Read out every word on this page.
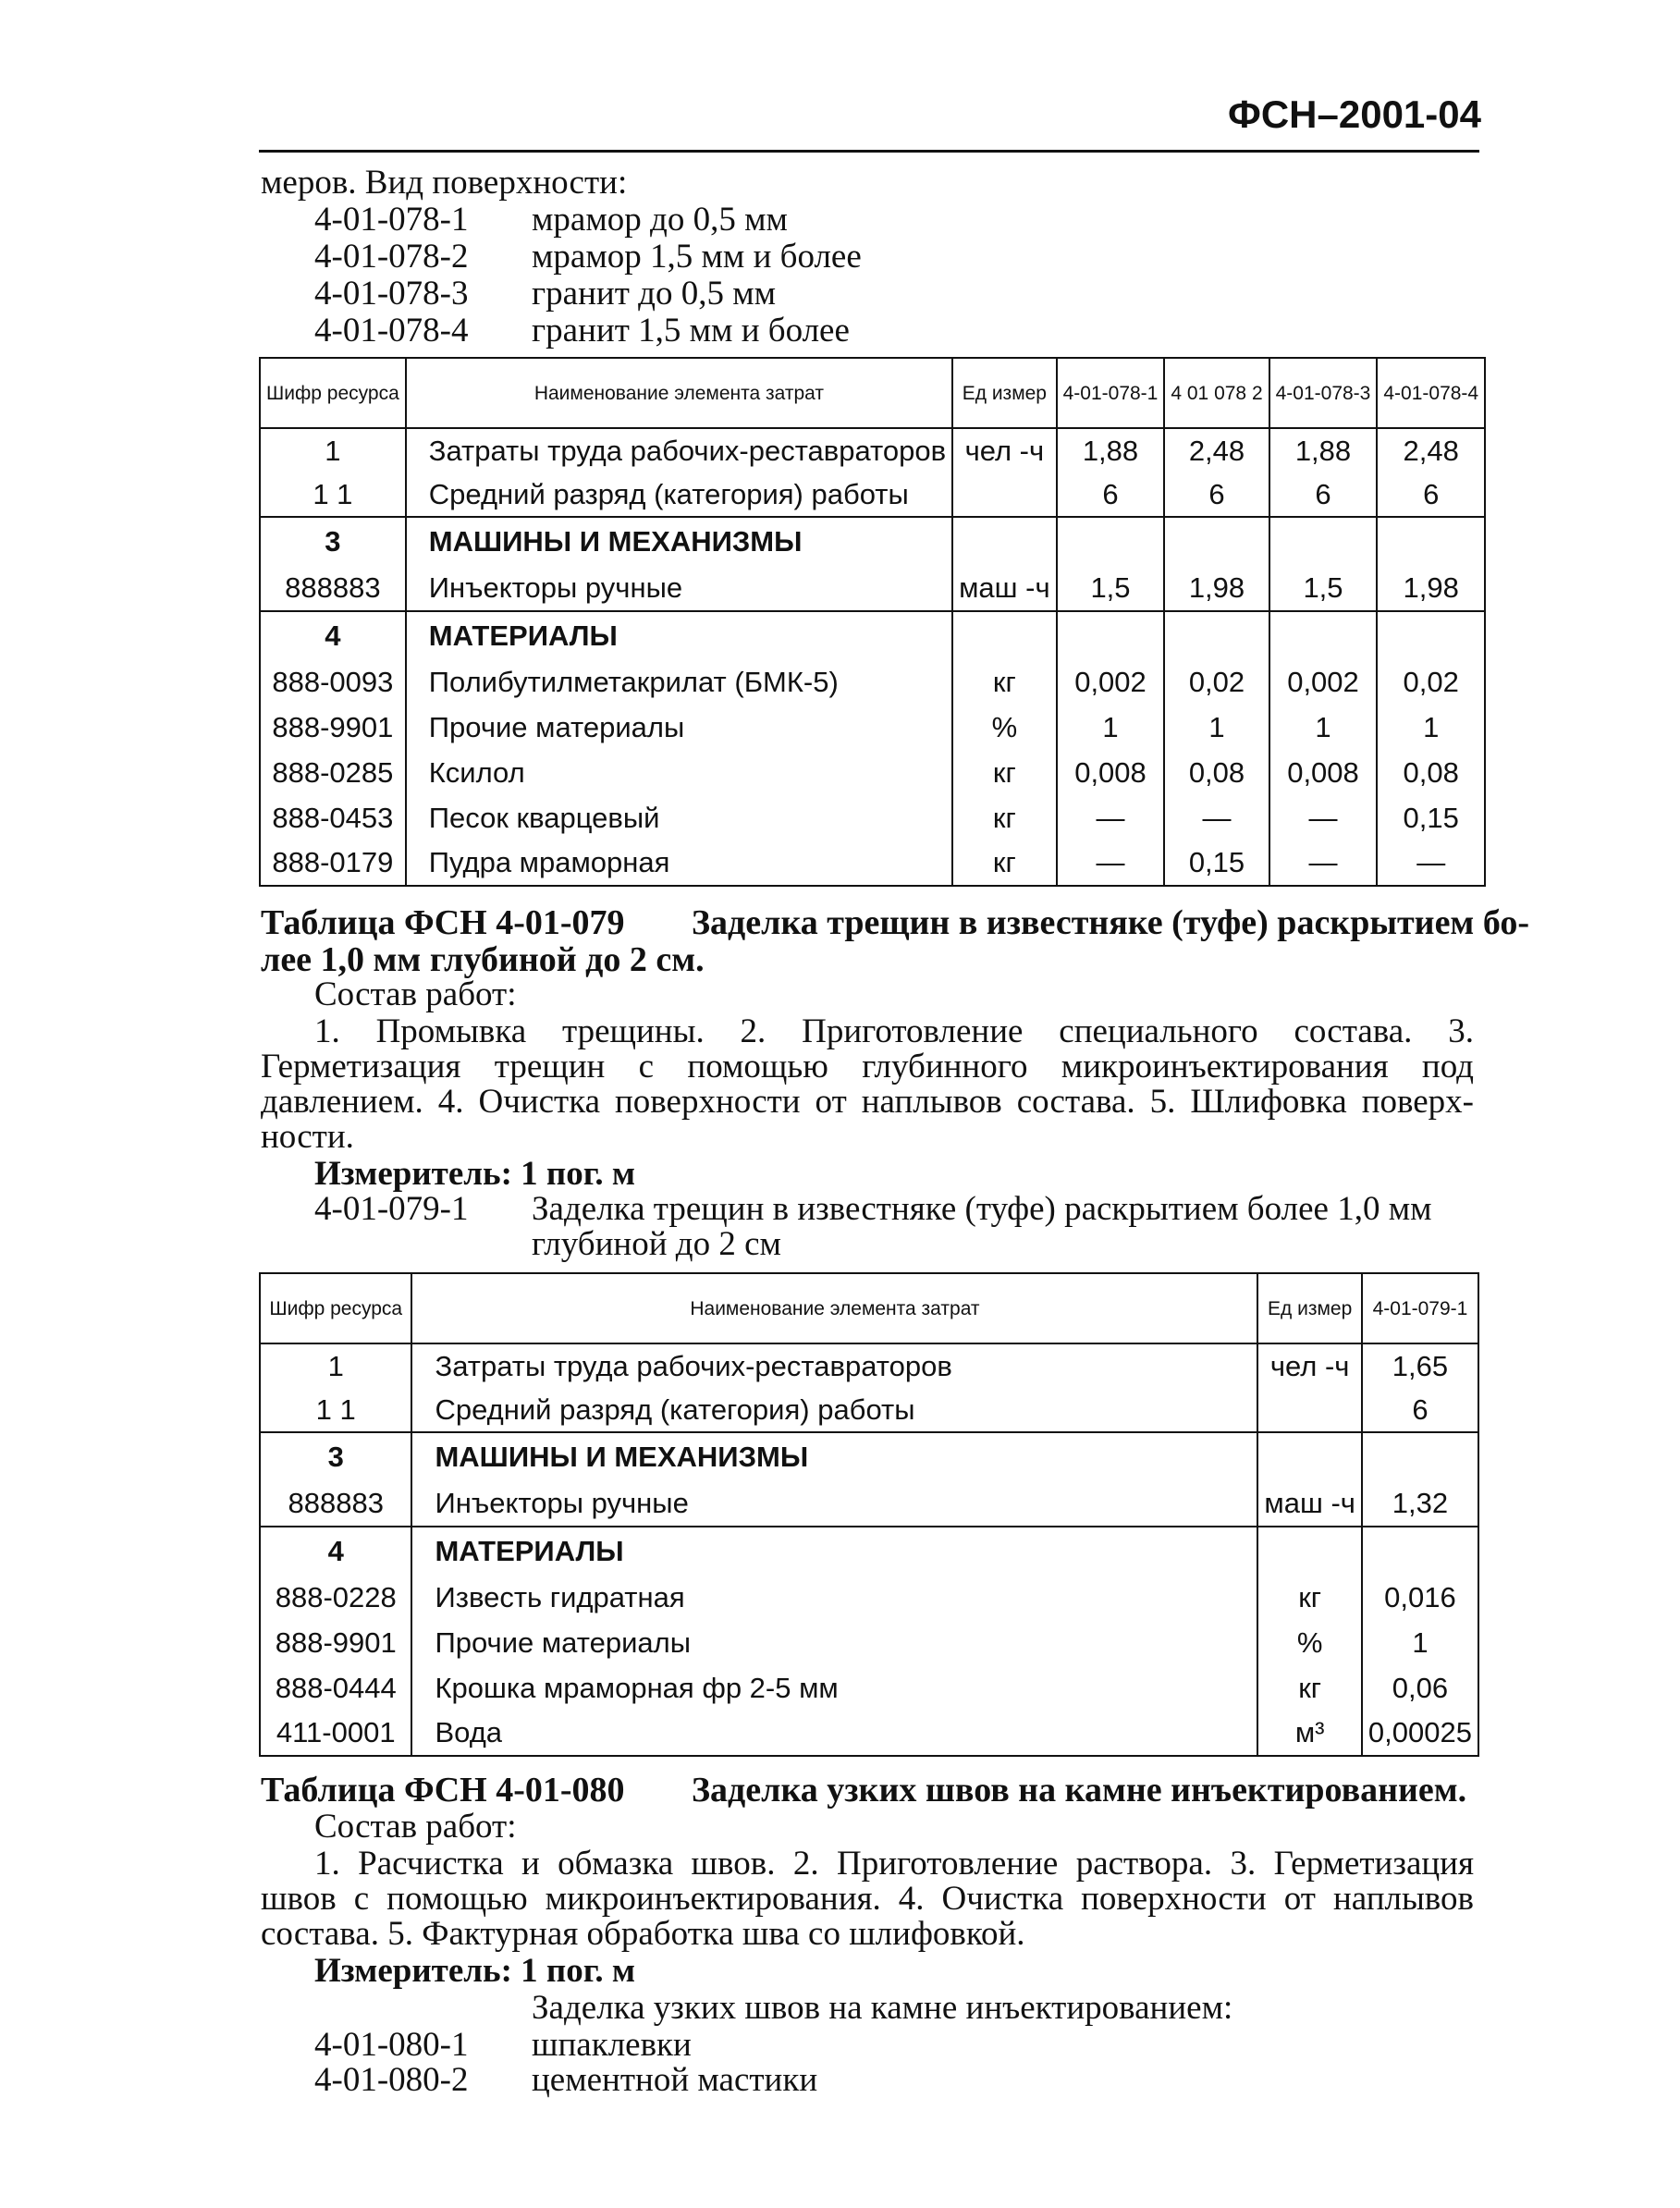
ФСН–2001-04
меров. Вид поверхности:
4-01-078-1 мрамор до 0,5 мм
4-01-078-2 мрамор 1,5 мм и более
4-01-078-3 гранит до 0,5 мм
4-01-078-4 гранит 1,5 мм и более
Шифр ресурса	Наименование элемента затрат	Ед измер	4-01-078-1	4 01 078 2	4-01-078-3	4-01-078-4
1	Затраты труда рабочих-реставраторов	чел -ч	1,88	2,48	1,88	2,48
1 1	Средний разряд (категория) работы		6	6	6	6
3	МАШИНЫ И МЕХАНИЗМЫ					
888883	Инъекторы ручные	маш -ч	1,5	1,98	1,5	1,98
4	МАТЕРИАЛЫ					
888-0093	Полибутилметакрилат (БМК-5)	кг	0,002	0,02	0,002	0,02
888-9901	Прочие материалы	%	1	1	1	1
888-0285	Ксилол	кг	0,008	0,08	0,008	0,08
888-0453	Песок кварцевый	кг	—	—	—	0,15
888-0179	Пудра мраморная	кг	—	0,15	—	—
Таблица ФСН 4-01-079 Заделка трещин в известняке (туфе) раскрытием бо-
лее 1,0 мм глубиной до 2 см.
Состав работ:
1. Промывка трещины. 2. Приготовление специального состава. 3.
Герметизация трещин с помощью глубинного микроинъектирования под
давлением. 4. Очистка поверхности от наплывов состава. 5. Шлифовка поверх-
ности.
Измеритель: 1 пог. м
4-01-079-1 Заделка трещин в известняке (туфе) раскрытием более 1,0 мм
глубиной до 2 см
Шифр ресурса	Наименование элемента затрат	Ед измер	4-01-079-1
1	Затраты труда рабочих-реставраторов	чел -ч	1,65
1 1	Средний разряд (категория) работы		6
3	МАШИНЫ И МЕХАНИЗМЫ		
888883	Инъекторы ручные	маш -ч	1,32
4	МАТЕРИАЛЫ		
888-0228	Известь гидратная	кг	0,016
888-9901	Прочие материалы	%	1
888-0444	Крошка мраморная фр 2-5 мм	кг	0,06
411-0001	Вода	м³	0,00025
Таблица ФСН 4-01-080 Заделка узких швов на камне инъектированием.
Состав работ:
1. Расчистка и обмазка швов. 2. Приготовление раствора. 3. Герметизация
швов с помощью микроинъектирования. 4. Очистка поверхности от наплывов
состава. 5. Фактурная обработка шва со шлифовкой.
Измеритель: 1 пог. м
Заделка узких швов на камне инъектированием:
4-01-080-1 шпаклевки
4-01-080-2 цементной мастики
